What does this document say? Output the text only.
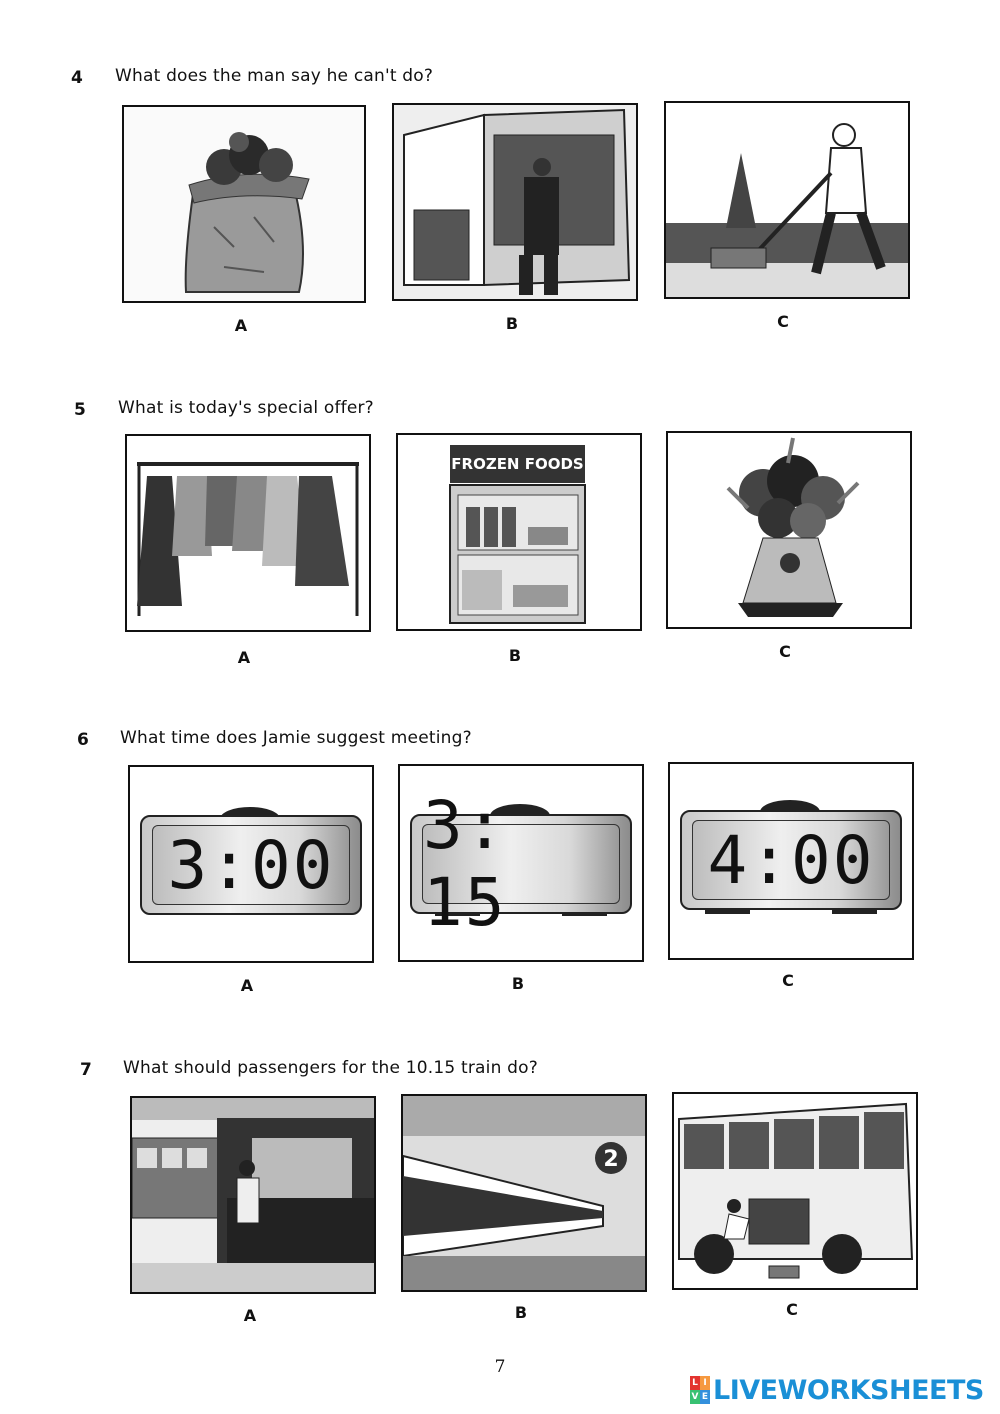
4 What does the man say he can't do?
A	B	C
5 What is today's special offer?
A
FROZEN FOODS
B	C
6 What time does Jamie suggest meeting?
3:00
A
3: 15
B
4:00
C
7 What should passengers for the 10.15 train do?
A
2
B	C
7
L I
V E LIVEWORKSHEETS
